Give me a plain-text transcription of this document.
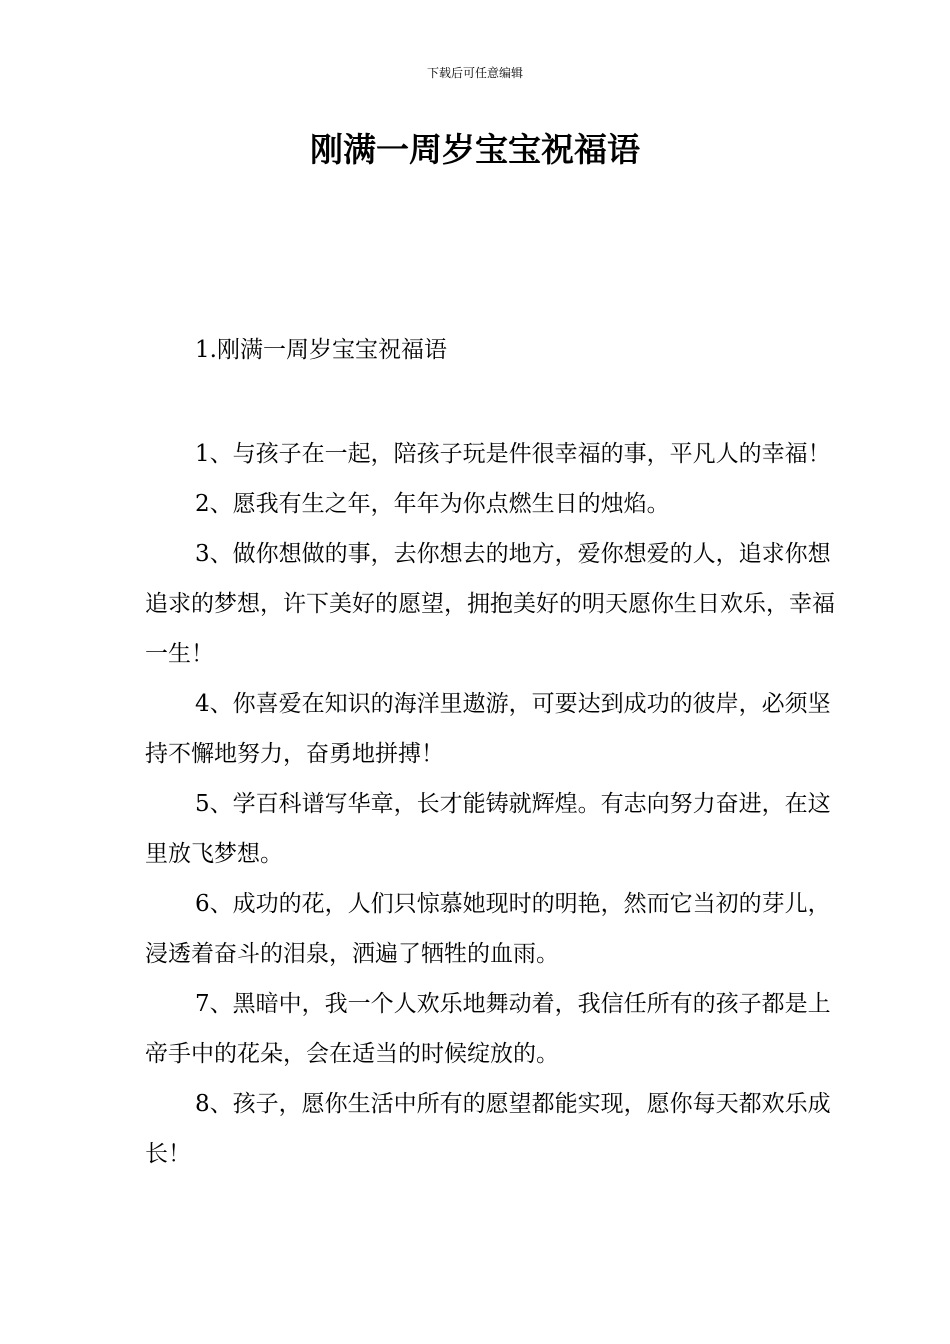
下载后可任意编辑
刚满一周岁宝宝祝福语
1.刚满一周岁宝宝祝福语

1、与孩子在一起，陪孩子玩是件很幸福的事，平凡人的幸福！

2、愿我有生之年，年年为你点燃生日的烛焰。

3、做你想做的事，去你想去的地方，爱你想爱的人，追求你想追求的梦想，许下美好的愿望，拥抱美好的明天愿你生日欢乐，幸福一生！

4、你喜爱在知识的海洋里遨游，可要达到成功的彼岸，必须坚持不懈地努力，奋勇地拼搏！

5、学百科谱写华章，长才能铸就辉煌。有志向努力奋进，在这里放飞梦想。

6、成功的花，人们只惊慕她现时的明艳，然而它当初的芽儿，浸透着奋斗的泪泉，洒遍了牺牲的血雨。

7、黑暗中，我一个人欢乐地舞动着，我信任所有的孩子都是上帝手中的花朵，会在适当的时候绽放的。

8、孩子，愿你生活中所有的愿望都能实现，愿你每天都欢乐成长！
